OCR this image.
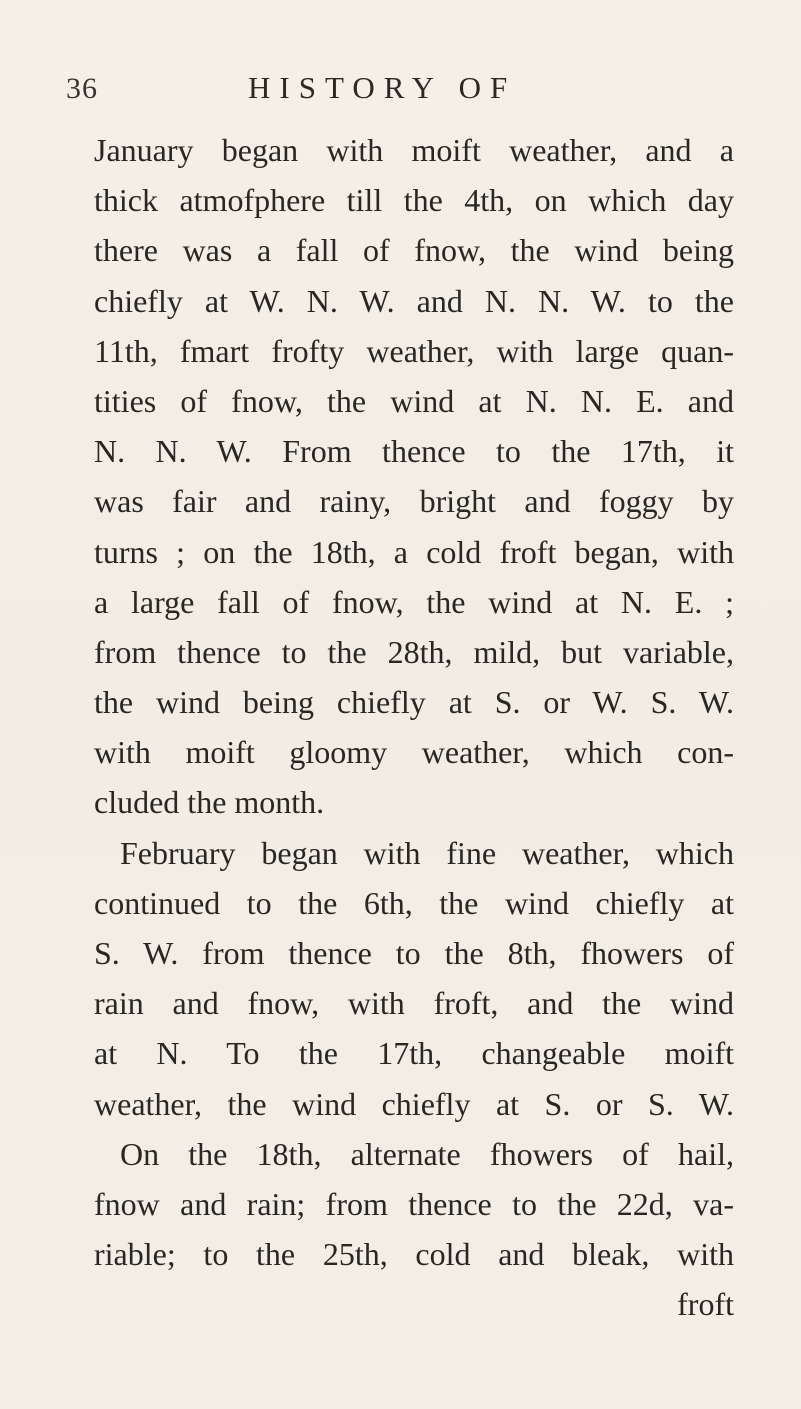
36	HISTORY OF
January began with moift weather, and a
thick atmofphere till the 4th, on which day
there was a fall of fnow, the wind being
chiefly at W. N. W. and N. N. W. to the
11th, fmart frofty weather, with large quan-
tities of fnow, the wind at N. N. E. and
N. N. W. From thence to the 17th, it
was fair and rainy, bright and foggy by
turns ; on the 18th, a cold froft began, with
a large fall of fnow, the wind at N. E. ;
from thence to the 28th, mild, but variable,
the wind being chiefly at S. or W. S. W.
with moift gloomy weather, which con-
cluded the month.
February began with fine weather, which
continued to the 6th, the wind chiefly at
S. W. from thence to the 8th, fhowers of
rain and fnow, with froft, and the wind
at N. To the 17th, changeable moift
weather, the wind chiefly at S. or S. W.
On the 18th, alternate fhowers of hail,
fnow and rain; from thence to the 22d, va-
riable; to the 25th, cold and bleak, with
froft
